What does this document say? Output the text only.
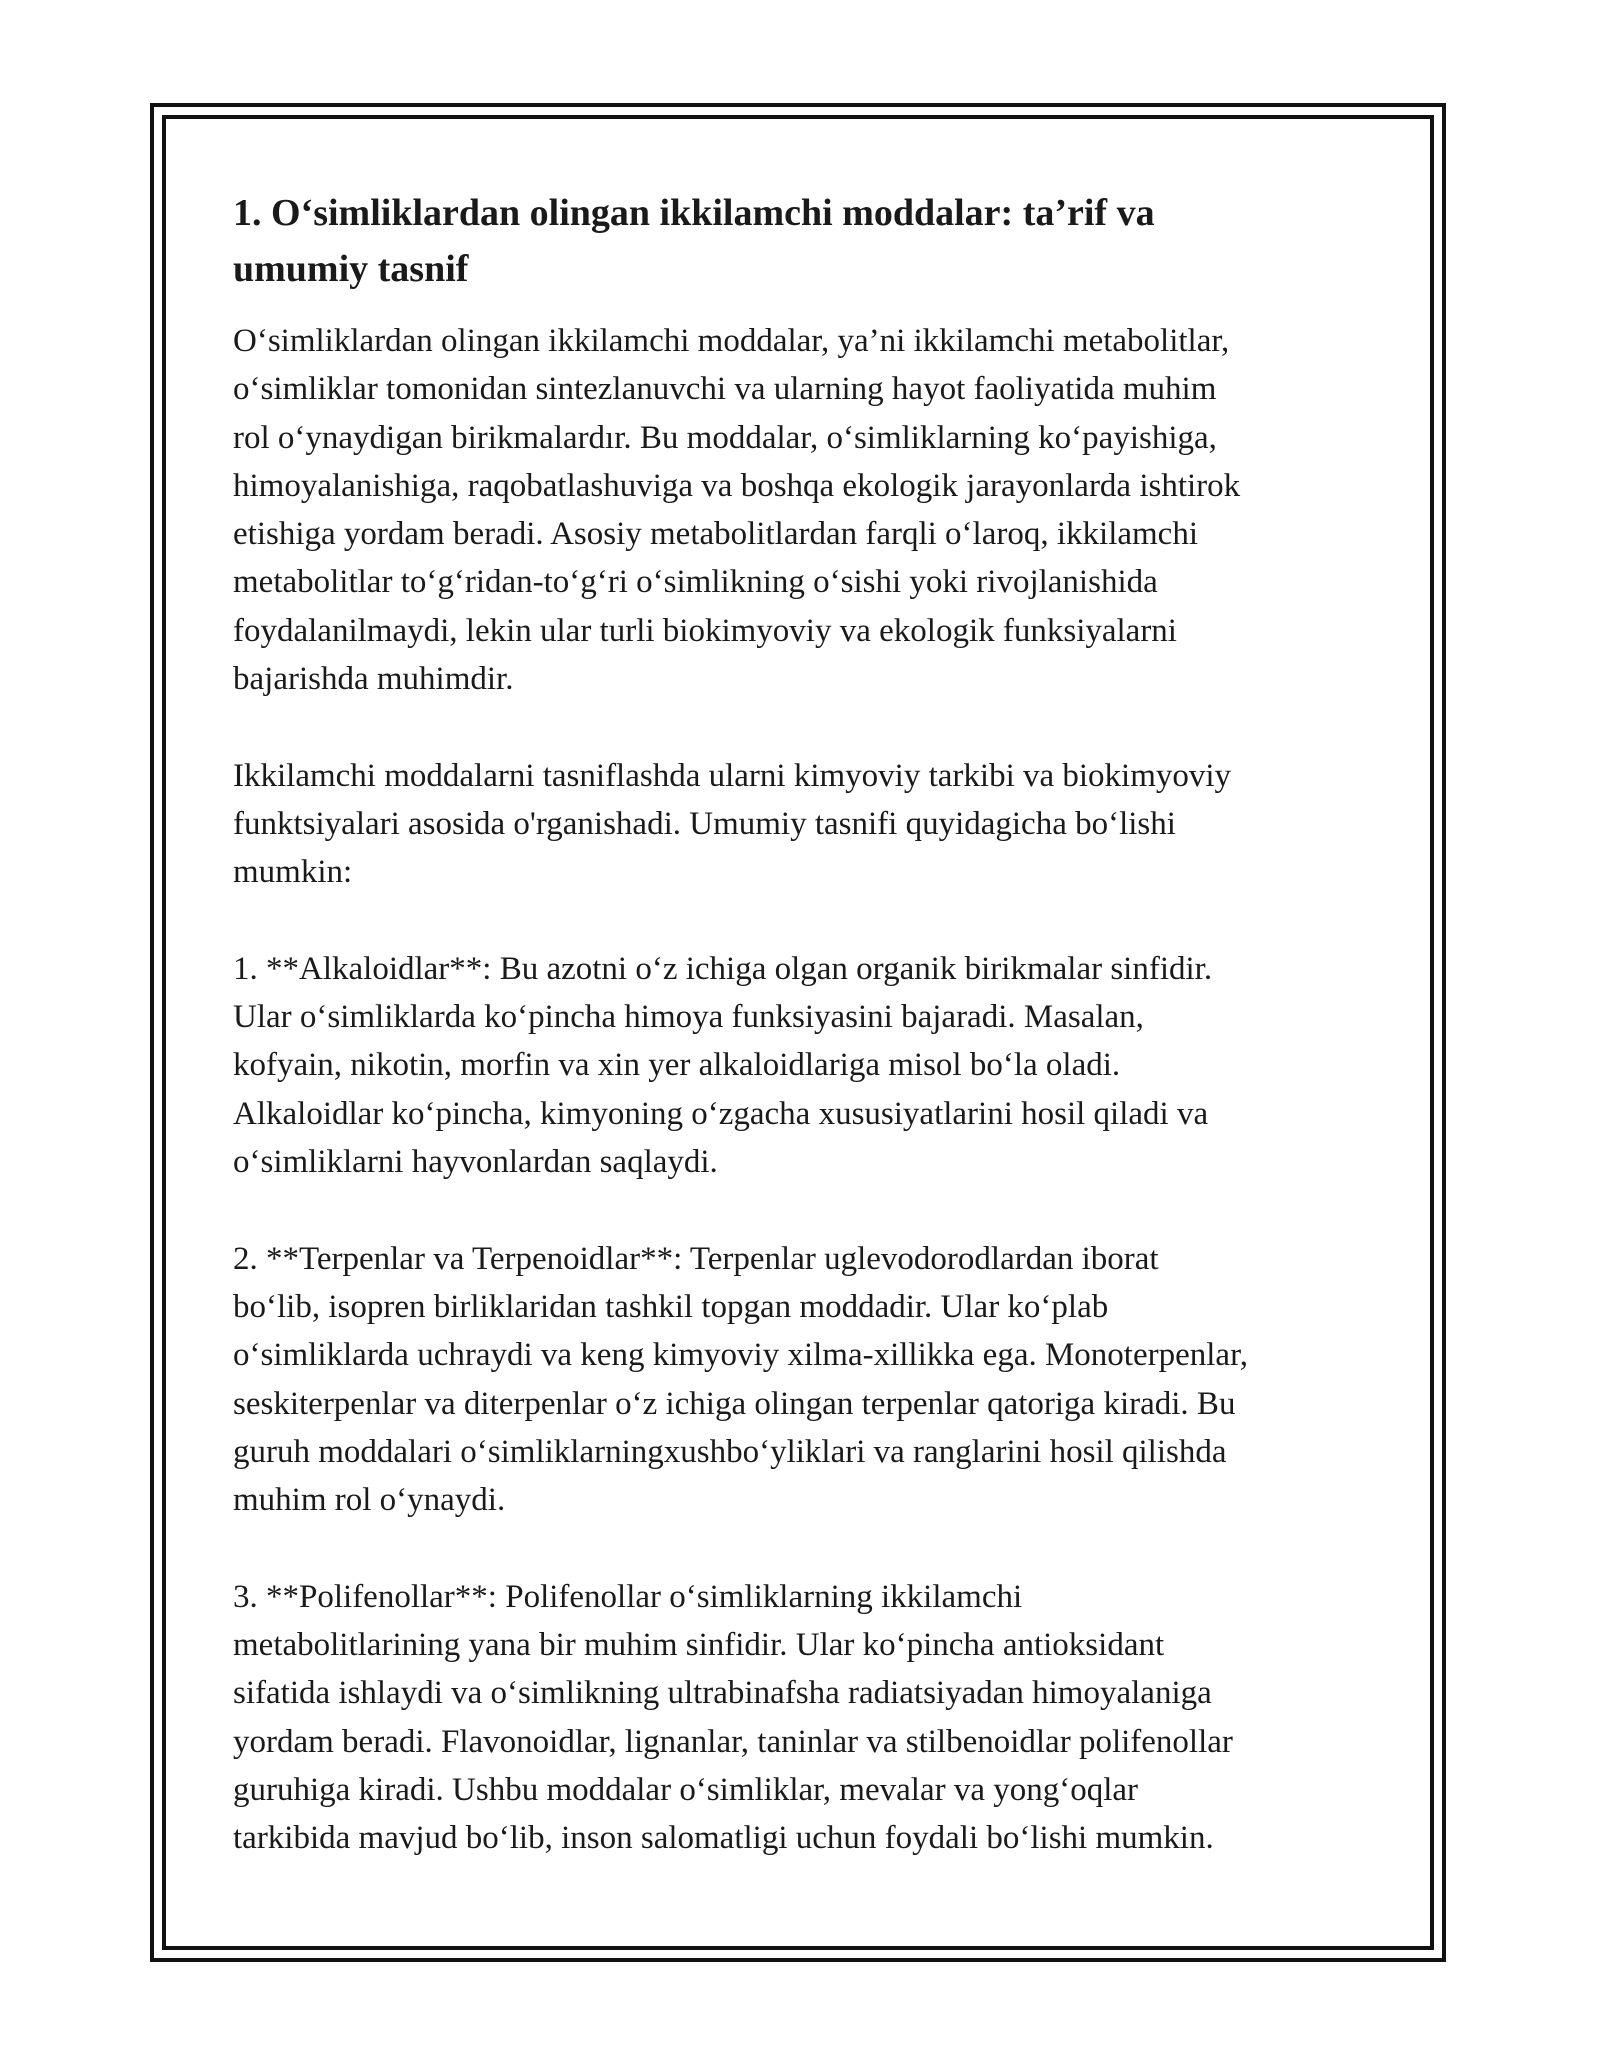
1. O‘simliklardan olingan ikkilamchi moddalar: ta’rif va
umumiy tasnif

O‘simliklardan olingan ikkilamchi moddalar, ya’ni ikkilamchi metabolitlar,
o‘simliklar tomonidan sintezlanuvchi va ularning hayot faoliyatida muhim
rol o‘ynaydigan birikmalardır. Bu moddalar, o‘simliklarning ko‘payishiga,
himoyalanishiga, raqobatlashuviga va boshqa ekologik jarayonlarda ishtirok
etishiga yordam beradi. Asosiy metabolitlardan farqli o‘laroq, ikkilamchi
metabolitlar to‘g‘ridan-to‘g‘ri o‘simlikning o‘sishi yoki rivojlanishida
foydalanilmaydi, lekin ular turli biokimyoviy va ekologik funksiyalarni
bajarishda muhimdir.

Ikkilamchi moddalarni tasniflashda ularni kimyoviy tarkibi va biokimyoviy
funktsiyalari asosida o'rganishadi. Umumiy tasnifi quyidagicha bo‘lishi
mumkin:

1. **Alkaloidlar**: Bu azotni o‘z ichiga olgan organik birikmalar sinfidir.
Ular o‘simliklarda ko‘pincha himoya funksiyasini bajaradi. Masalan,
kofyain, nikotin, morfin va xin yer alkaloidlariga misol bo‘la oladi.
Alkaloidlar ko‘pincha, kimyoning o‘zgacha xususiyatlarini hosil qiladi va
o‘simliklarni hayvonlardan saqlaydi.

2. **Terpenlar va Terpenoidlar**: Terpenlar uglevodorodlardan iborat
bo‘lib, isopren birliklaridan tashkil topgan moddadir. Ular ko‘plab
o‘simliklarda uchraydi va keng kimyoviy xilma-xillikka ega. Monoterpenlar,
seskiterpenlar va diterpenlar o‘z ichiga olingan terpenlar qatoriga kiradi. Bu
guruh moddalari o‘simliklarningxushbo‘yliklari va ranglarini hosil qilishda
muhim rol o‘ynaydi.

3. **Polifenollar**: Polifenollar o‘simliklarning ikkilamchi
metabolitlarining yana bir muhim sinfidir. Ular ko‘pincha antioksidant
sifatida ishlaydi va o‘simlikning ultrabinafsha radiatsiyadan himoyalaniga
yordam beradi. Flavonoidlar, lignanlar, taninlar va stilbenoidlar polifenollar
guruhiga kiradi. Ushbu moddalar o‘simliklar, mevalar va yong‘oqlar
tarkibida mavjud bo‘lib, inson salomatligi uchun foydali bo‘lishi mumkin.
